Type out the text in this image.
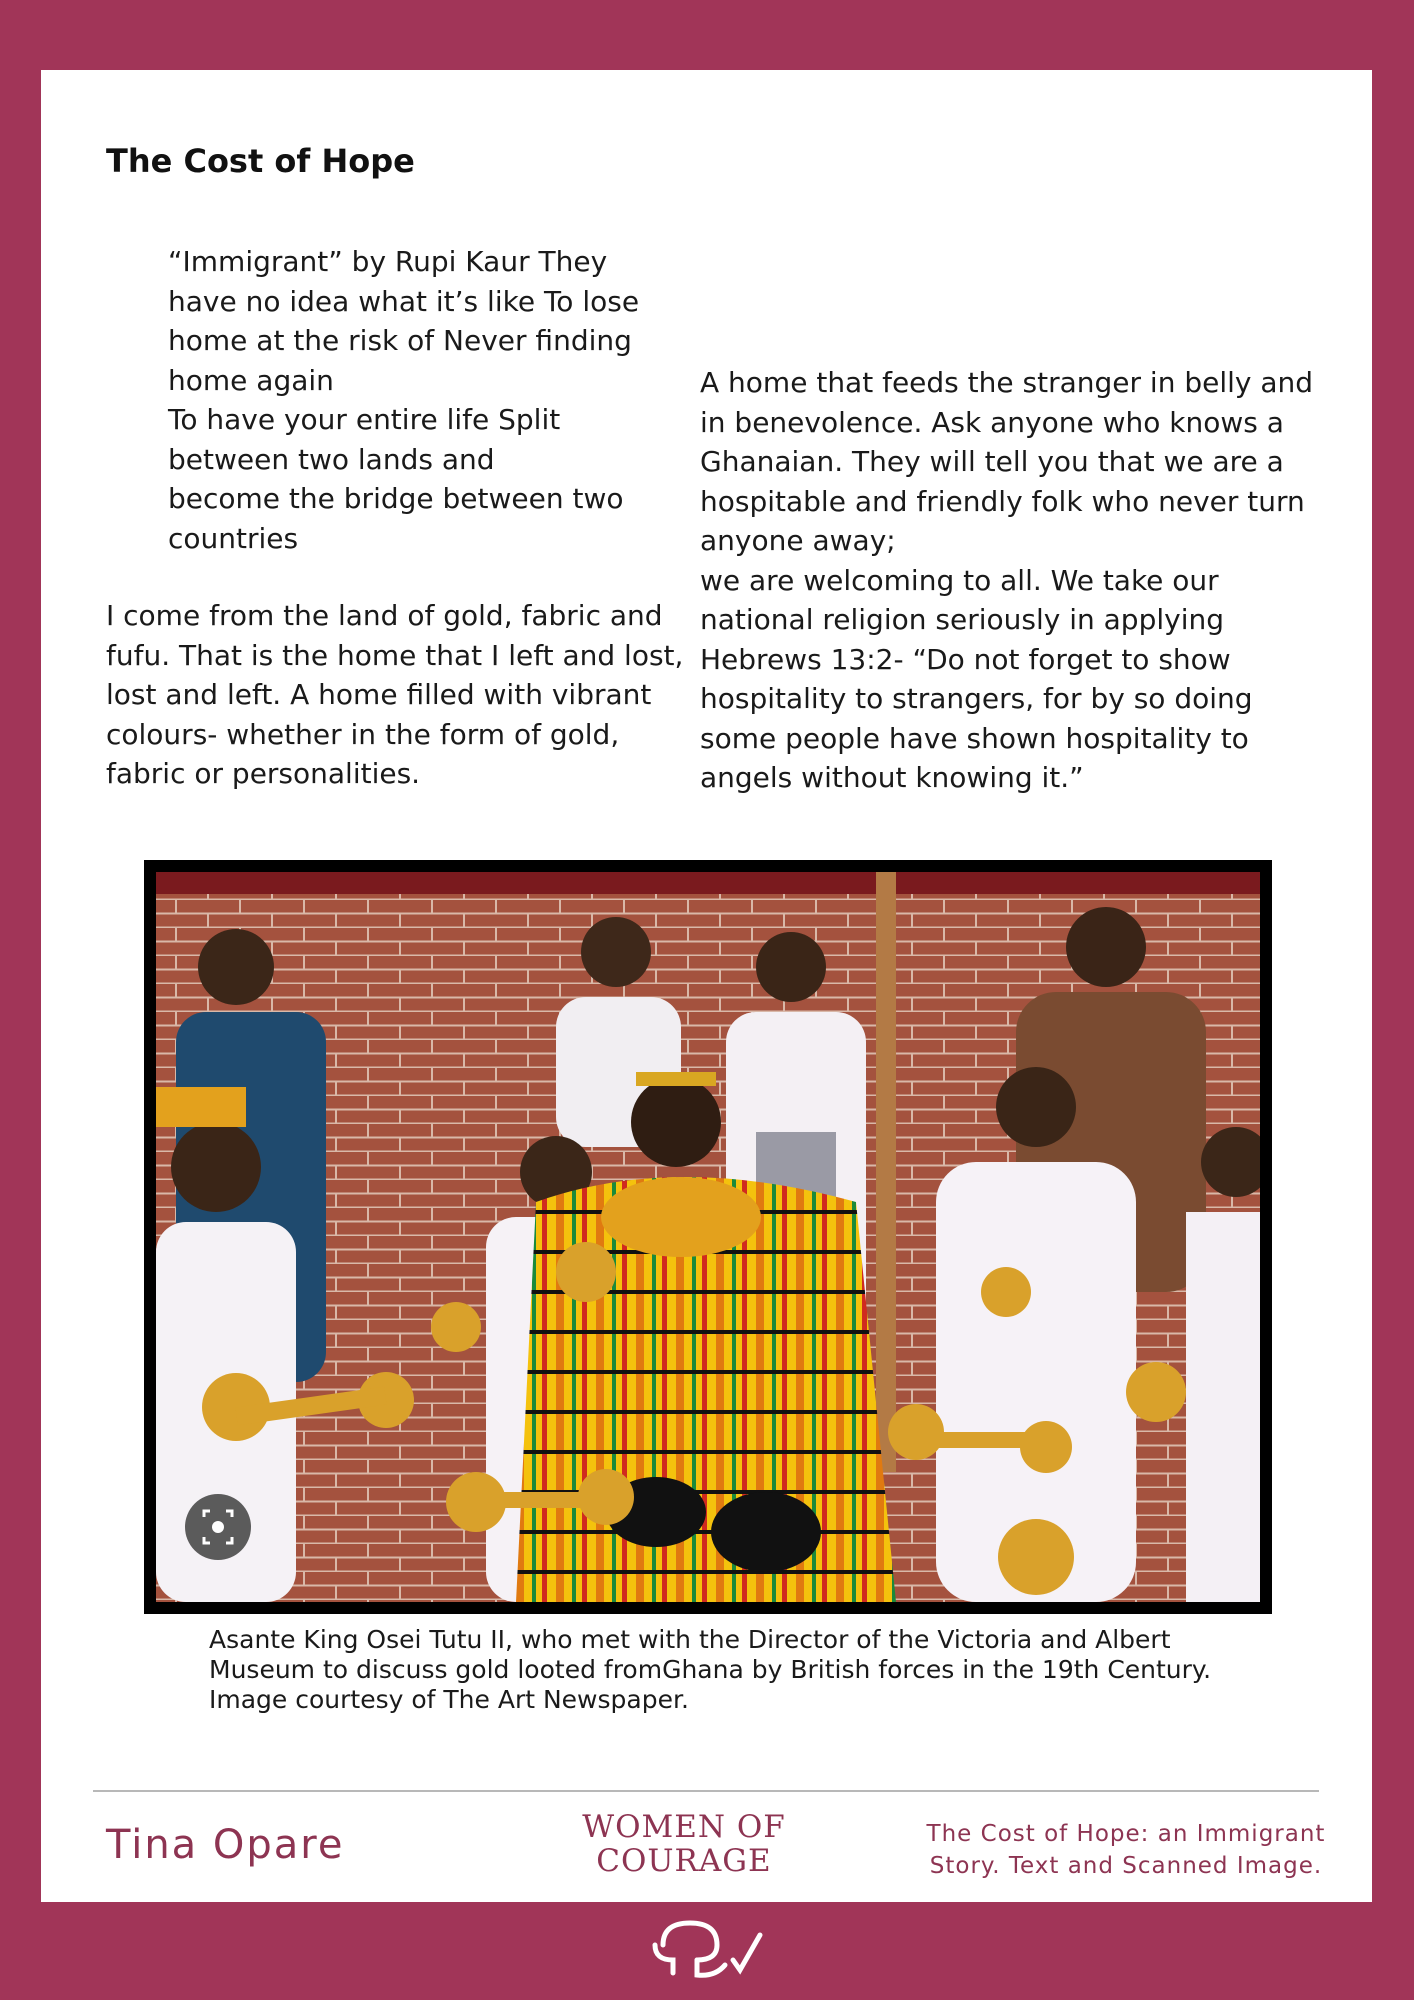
The Cost of Hope
“Immigrant” by Rupi Kaur They
have no idea what it’s like To lose
home at the risk of Never finding
home again
To have your entire life Split
between two lands and
become the bridge between two
countries
I come from the land of gold, fabric and
fufu. That is the home that I left and lost,
lost and left. A home filled with vibrant
colours- whether in the form of gold,
fabric or personalities.
A home that feeds the stranger in belly and
in benevolence. Ask anyone who knows a
Ghanaian. They will tell you that we are a
hospitable and friendly folk who never turn
anyone away;
we are welcoming to all. We take our
national religion seriously in applying
Hebrews 13:2- “Do not forget to show
hospitality to strangers, for by so doing
some people have shown hospitality to
angels without knowing it.”
Asante King Osei Tutu II, who met with the Director of the Victoria and Albert
Museum to discuss gold looted fromGhana by British forces in the 19th Century.
Image courtesy of The Art Newspaper.
Tina Opare	WOMEN OF
COURAGE
The Cost of Hope: an Immigrant
Story. Text and Scanned Image.
